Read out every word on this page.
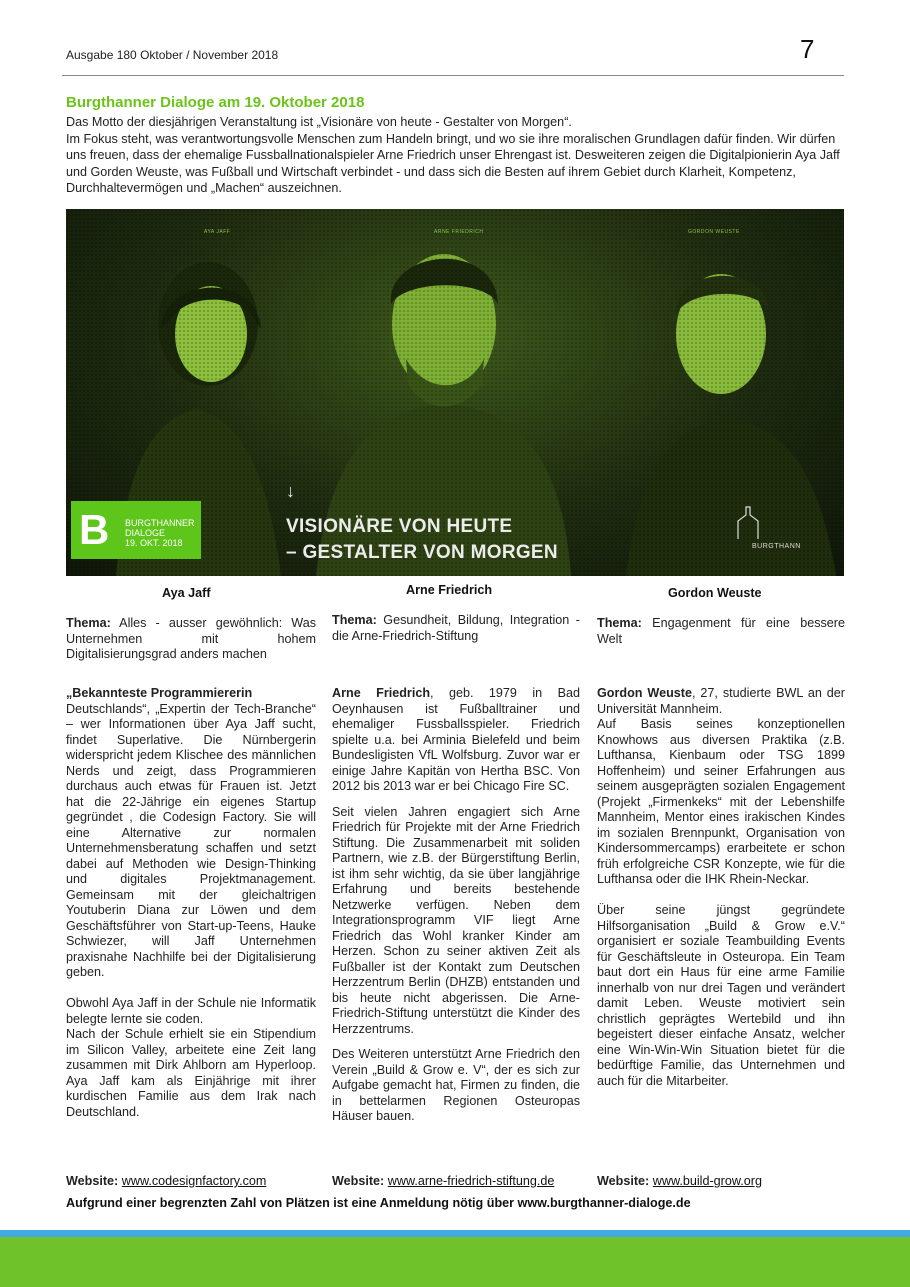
Ausgabe 180 Oktober / November 2018	7
Burgthanner Dialoge am 19. Oktober 2018

Das Motto der diesjährigen Veranstaltung ist „Visionäre von heute - Gestalter von Morgen“.

Im Fokus steht, was verantwortungsvolle Menschen zum Handeln bringt, und wo sie ihre moralischen Grundlagen dafür finden. Wir dürfen uns freuen, dass der ehemalige Fussballnationalspieler Arne Friedrich unser Ehrengast ist. Desweiteren zeigen die Digitalpionierin Aya Jaff und Gorden Weuste, was Fußball und Wirtschaft verbindet - und dass sich die Besten auf ihrem Gebiet durch Klarheit, Kompetenz, Durchhaltevermögen und „Machen“ auszeichnen.

AYA JAFF	ARNE FRIEDRICH	GORDON WEUSTE
↓
VISIONÄRE VON HEUTE
– GESTALTER VON MORGEN
B BURGTHANNER
DIALOGE
19. OKT. 2018	BURGTHANN
Aya Jaff	Arne Friedrich	Gordon Weuste

Thema: Alles - ausser gewöhnlich: Was Unternehmen mit hohem Digitalisierungsgrad anders machen

„Bekannteste Programmiererin

Deutschlands“, „Expertin der Tech-Branche“ – wer Informationen über Aya Jaff sucht, findet Superlative. Die Nürnbergerin widerspricht jedem Klischee des männlichen Nerds und zeigt, dass Programmieren durchaus auch etwas für Frauen ist. Jetzt hat die 22-Jährige ein eigenes Startup gegründet , die Codesign Factory. Sie will eine Alternative zur normalen Unternehmensberatung schaffen und setzt dabei auf Methoden wie Design-Thinking und digitales Projektmanagement. Gemeinsam mit der gleichaltrigen Youtuberin Diana zur Löwen und dem Geschäftsführer von Start-up-Teens, Hauke Schwiezer, will Jaff Unternehmen praxisnahe Nachhilfe bei der Digitalisierung geben.

Obwohl Aya Jaff in der Schule nie Informatik belegte lernte sie coden.

Nach der Schule erhielt sie ein Stipendium im Silicon Valley, arbeitete eine Zeit lang zusammen mit Dirk Ahlborn am Hyperloop. Aya Jaff kam als Einjährige mit ihrer kurdischen Familie aus dem Irak nach Deutschland.

Thema: Gesundheit, Bildung, Integration - die Arne-Friedrich-Stiftung

Arne Friedrich, geb. 1979 in Bad Oeynhausen ist Fußballtrainer und ehemaliger Fussballsspieler. Friedrich spielte u.a. bei Arminia Bielefeld und beim Bundesligisten VfL Wolfsburg. Zuvor war er einige Jahre Kapitän von Hertha BSC. Von 2012 bis 2013 war er bei Chicago Fire SC.

Seit vielen Jahren engagiert sich Arne Friedrich für Projekte mit der Arne Friedrich Stiftung. Die Zusammenarbeit mit soliden Partnern, wie z.B. der Bürgerstiftung Berlin, ist ihm sehr wichtig, da sie über langjährige Erfahrung und bereits bestehende Netzwerke verfügen. Neben dem Integrationsprogramm VIF liegt Arne Friedrich das Wohl kranker Kinder am Herzen. Schon zu seiner aktiven Zeit als Fußballer ist der Kontakt zum Deutschen Herzzentrum Berlin (DHZB) entstanden und bis heute nicht abgerissen. Die Arne-Friedrich-Stiftung unterstützt die Kinder des Herzzentrums.

Des Weiteren unterstützt Arne Friedrich den Verein „Build & Grow e. V“, der es sich zur Aufgabe gemacht hat, Firmen zu finden, die in bettelarmen Regionen Osteuropas Häuser bauen.

Thema: Engagenment für eine bessere Welt

Gordon Weuste, 27, studierte BWL an der Universität Mannheim.

Auf Basis seines konzeptionellen Knowhows aus diversen Praktika (z.B. Lufthansa, Kienbaum oder TSG 1899 Hoffenheim) und seiner Erfahrungen aus seinem ausgeprägten sozialen Engagement (Projekt „Firmenkeks“ mit der Lebenshilfe Mannheim, Mentor eines irakischen Kindes im sozialen Brennpunkt, Organisation von Kindersommercamps) erarbeitete er schon früh erfolgreiche CSR Konzepte, wie für die Lufthansa oder die IHK Rhein-Neckar.

Über seine jüngst gegründete Hilfsorganisation „Build & Grow e.V.“ organisiert er soziale Teambuilding Events für Geschäftsleute in Osteuropa. Ein Team baut dort ein Haus für eine arme Familie innerhalb von nur drei Tagen und verändert damit Leben. Weuste motiviert sein christlich geprägtes Wertebild und ihn begeistert dieser einfache Ansatz, welcher eine Win-Win-Win Situation bietet für die bedürftige Familie, das Unternehmen und auch für die Mitarbeiter.

Website: www.codesignfactory.com	Website: www.arne-friedrich-stiftung.de	Website: www.build-grow.org
Aufgrund einer begrenzten Zahl von Plätzen ist eine Anmeldung nötig über www.burgthanner-dialoge.de
